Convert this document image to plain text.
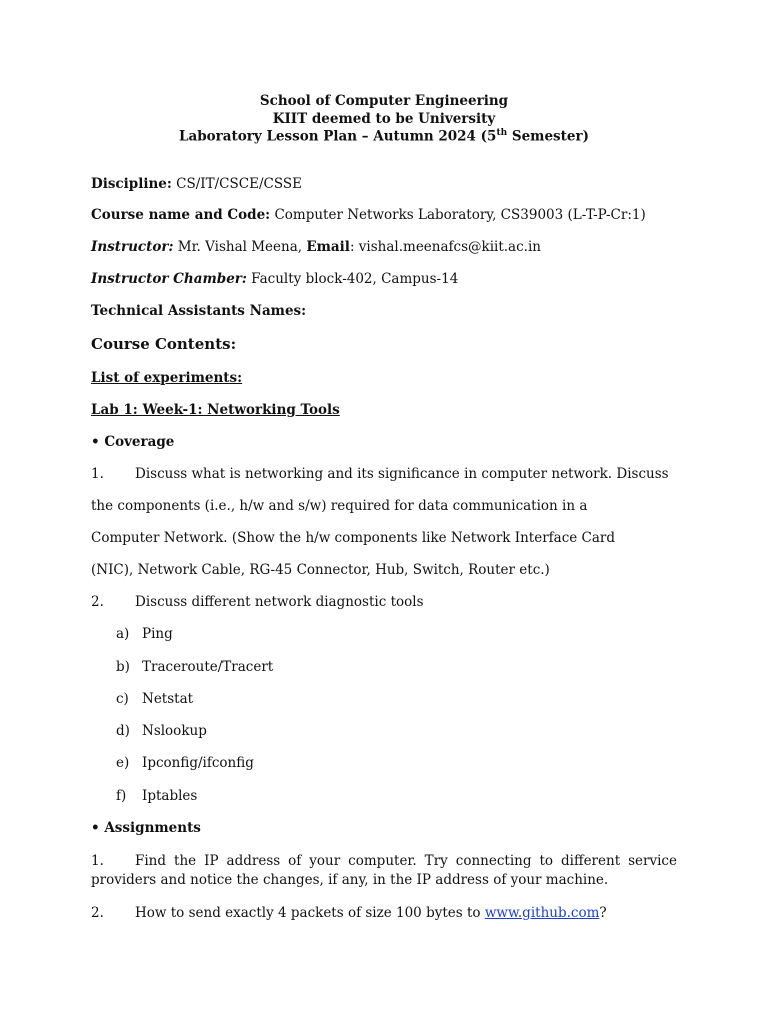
School of Computer Engineering
KIIT deemed to be University
Laboratory Lesson Plan – Autumn 2024 (5th Semester)
Discipline: CS/IT/CSCE/CSSE
Course name and Code: Computer Networks Laboratory, CS39003 (L-T-P-Cr:1)
Instructor: Mr. Vishal Meena, Email: vishal.meenafcs@kiit.ac.in
Instructor Chamber: Faculty block-402, Campus-14
Technical Assistants Names:
Course Contents:
List of experiments:
Lab 1: Week-1: Networking Tools
• Coverage
1. Discuss what is networking and its significance in computer network. Discuss
the components (i.e., h/w and s/w) required for data communication in a
Computer Network. (Show the h/w components like Network Interface Card
(NIC), Network Cable, RG-45 Connector, Hub, Switch, Router etc.)
2. Discuss different network diagnostic tools
a) Ping
b) Traceroute/Tracert
c) Netstat
d) Nslookup
e) Ipconfig/ifconfig
f) Iptables
• Assignments
1. Find the IP address of your computer. Try connecting to different service providers and notice the changes, if any, in the IP address of your machine.
2. How to send exactly 4 packets of size 100 bytes to www.github.com?
